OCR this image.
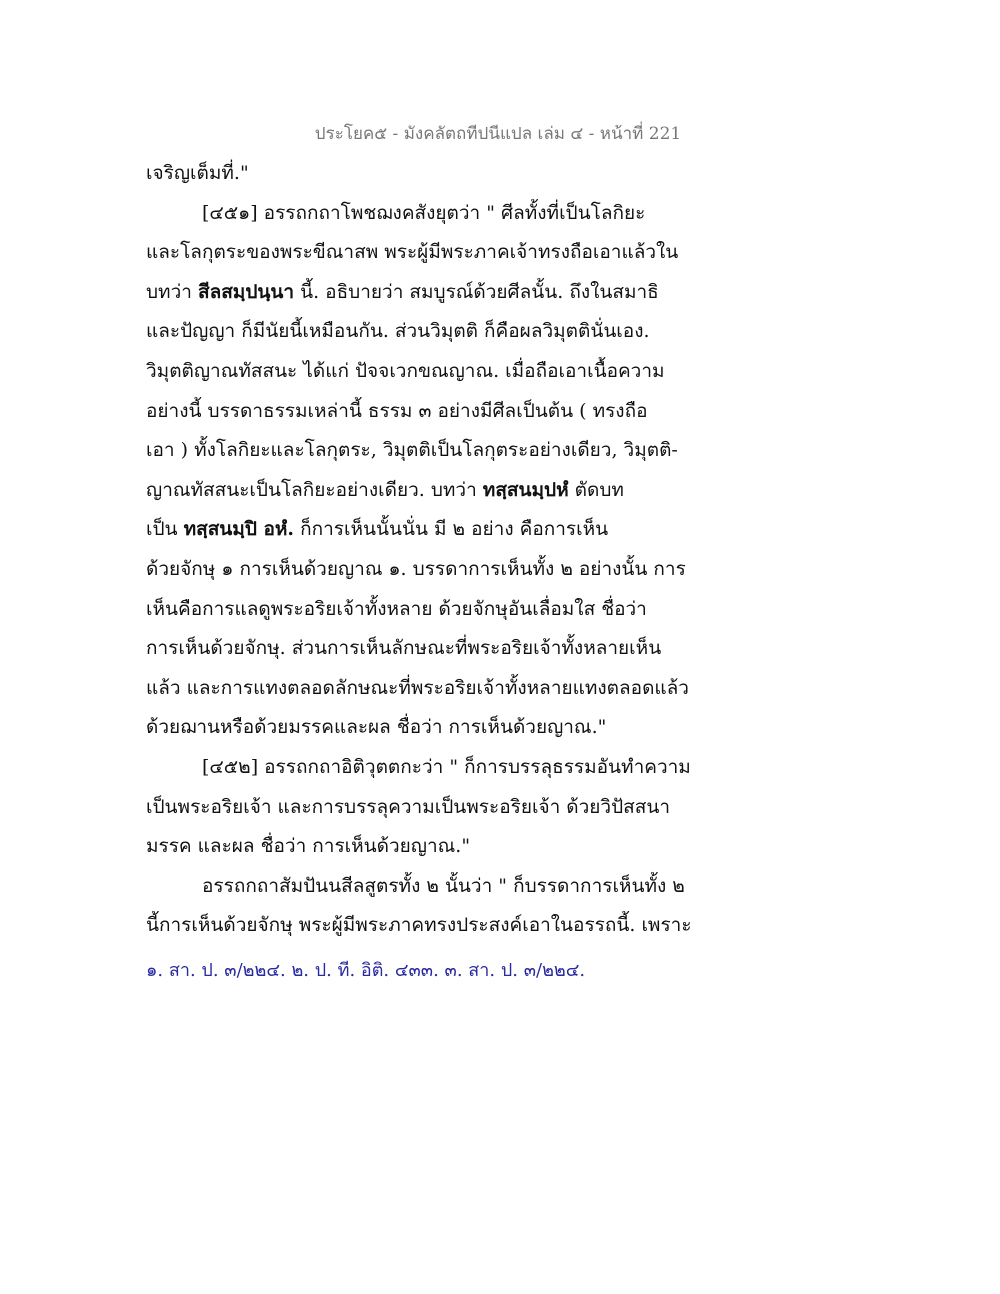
ประโยค๕ - มังคลัตถทีปนีแปล เล่ม ๔ - หน้าที่ 221
เจริญเต็มที่."
[๔๕๑] อรรถกถาโพชฌงคสังยุตว่า " ศีลทั้งที่เป็นโลกิยะ
และโลกุตระของพระขีณาสพ พระผู้มีพระภาคเจ้าทรงถือเอาแล้วใน
บทว่า สีลสมฺปนฺนา นี้. อธิบายว่า สมบูรณ์ด้วยศีลนั้น. ถึงในสมาธิ
และปัญญา ก็มีนัยนี้เหมือนกัน. ส่วนวิมุตติ ก็คือผลวิมุตตินั่นเอง.
วิมุตติญาณทัสสนะ ได้แก่ ปัจจเวกขณญาณ. เมื่อถือเอาเนื้อความ
อย่างนี้ บรรดาธรรมเหล่านี้ ธรรม ๓ อย่างมีศีลเป็นต้น ( ทรงถือ
เอา ) ทั้งโลกิยะและโลกุตระ, วิมุตติเป็นโลกุตระอย่างเดียว, วิมุตติ-
ญาณทัสสนะเป็นโลกิยะอย่างเดียว. บทว่า ทสฺสนมฺปหํ ตัดบท
เป็น ทสฺสนมฺปิ อหํ. ก็การเห็นนั้นนั่น มี ๒ อย่าง คือการเห็น
ด้วยจักษุ ๑ การเห็นด้วยญาณ ๑. บรรดาการเห็นทั้ง ๒ อย่างนั้น การ
เห็นคือการแลดูพระอริยเจ้าทั้งหลาย ด้วยจักษุอันเลื่อมใส ชื่อว่า
การเห็นด้วยจักษุ. ส่วนการเห็นลักษณะที่พระอริยเจ้าทั้งหลายเห็น
แล้ว และการแทงตลอดลักษณะที่พระอริยเจ้าทั้งหลายแทงตลอดแล้ว
ด้วยฌานหรือด้วยมรรคและผล ชื่อว่า การเห็นด้วยญาณ."
[๔๕๒] อรรถกถาอิติวุตตกะว่า " ก็การบรรลุธรรมอันทำความ
เป็นพระอริยเจ้า และการบรรลุความเป็นพระอริยเจ้า ด้วยวิปัสสนา
มรรค และผล ชื่อว่า การเห็นด้วยญาณ."
อรรถกถาสัมปันนสีลสูตรทั้ง ๒ นั้นว่า " ก็บรรดาการเห็นทั้ง ๒
นี้การเห็นด้วยจักษุ พระผู้มีพระภาคทรงประสงค์เอาในอรรถนี้. เพราะ
๑. สา. ป. ๓/๒๒๔. ๒. ป. ที. อิติ. ๔๓๓. ๓. สา. ป. ๓/๒๒๔.
